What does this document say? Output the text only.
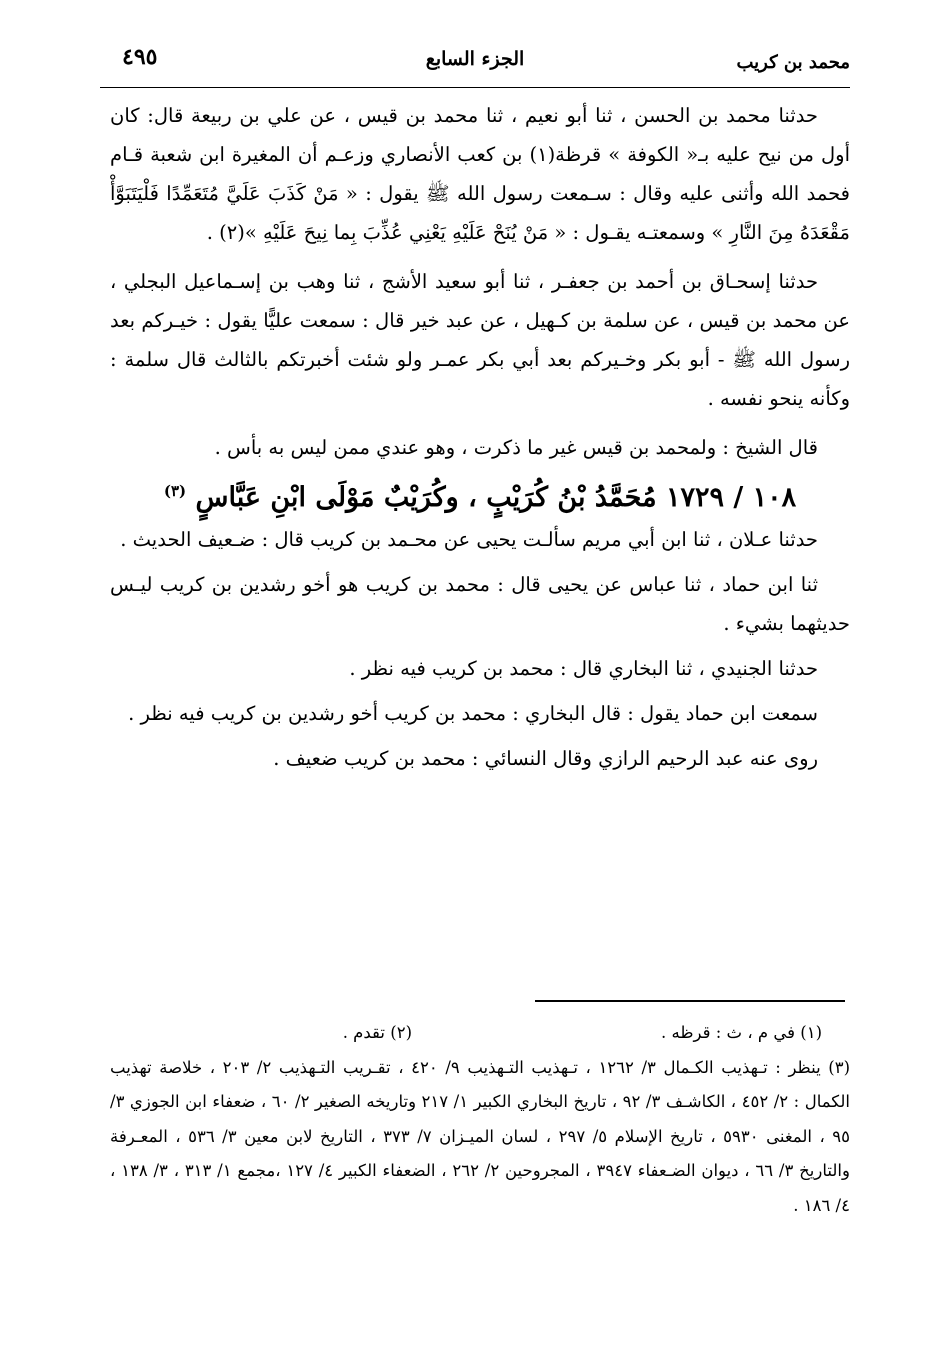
٤٩٥	الجزء السابع	محمد بن كريب

حدثنا محمد بن الحسن ، ثنا أبو نعيم ، ثنا محمد بن قيس ، عن علي بن ربيعة قال: كان أول من نيح عليه بـ« الكوفة » قرظة(١) بن كعب الأنصاري وزعـم أن المغيرة ابن شعبة قـام فحمد الله وأثنى عليه وقال : سـمعت رسول الله ﷺ يقول : « مَنْ كَذَبَ عَلَيَّ مُتَعَمِّدًا فَلْيَتَبَوَّأْ مَقْعَدَهُ مِنَ النَّارِ » وسمعتـه يقـول : « مَنْ يُنَحْ عَلَيْهِ يَعْنِي عُذِّبَ بِما نِيحَ عَلَيْهِ »(٢) .

حدثنا إسحـاق بن أحمد بن جعفـر ، ثنا أبو سعيد الأشج ، ثنا وهب بن إسـماعيل البجلي ، عن محمد بن قيس ، عن سلمة بن كـهيل ، عن عبد خير قال : سمعت عليًّا يقول : خيـركم بعد رسول الله ﷺ - أبو بكر وخـيركم بعد أبي بكر عمـر ولو شئت أخبرتكم بالثالث قال سلمة : وكأنه ينحو نفسه .

قال الشيخ : ولمحمد بن قيس غير ما ذكرت ، وهو عندي ممن ليس به بأس .

١٠٨ / ١٧٢٩ مُحَمَّدُ بْنُ كُرَيْبٍ ، وكُرَيْبٌ مَوْلَى ابْنِ عَبَّاسٍ $^{(٣)}$

حدثنا عـلان ، ثنا ابن أبي مريم سألـت يحيى عن محـمد بن كريب قال : ضـعيف الحديث .

ثنا ابن حماد ، ثنا عباس عن يحيى قال : محمد بن كريب هو أخو رشدين بن كريب ليـس حديثهما بشيء .

حدثنا الجنيدي ، ثنا البخاري قال : محمد بن كريب فيه نظر .

سمعت ابن حماد يقول : قال البخاري : محمد بن كريب أخو رشدين بن كريب فيه نظر .

روى عنه عبد الرحيم الرازي وقال النسائي : محمد بن كريب ضعيف .

(١) في م ، ث : قرظه .

(٢) تقدم .

(٣) ينظر : تـهذيب الكـمال ٣/ ١٢٦٢ ، تـهذيب التـهذيب ٩/ ٤٢٠ ، تقـريب التـهذيب ٢/ ٢٠٣ ، خلاصة تهذيب الكمال : ٢/ ٤٥٢ ، الكاشـف ٣/ ٩٢ ، تاريخ البخاري الكبير ١/ ٢١٧ وتاريخه الصغير ٢/ ٦٠ ، ضعفاء ابن الجوزي ٣/ ٩٥ ، المغنى ٥٩٣٠ ، تاريخ الإسلام ٥/ ٢٩٧ ، لسان الميـزان ٧/ ٣٧٣ ، التاريخ لابن معين ٣/ ٥٣٦ ، المعـرفة والتاريخ ٣/ ٦٦ ، ديوان الضـعفاء ٣٩٤٧ ، المجروحين ٢/ ٢٦٢ ، الضعفاء الكبير ٤/ ١٢٧ ،مجمع ١/ ٣١٣ ، ٣/ ١٣٨ ، ٤/ ١٨٦ .
